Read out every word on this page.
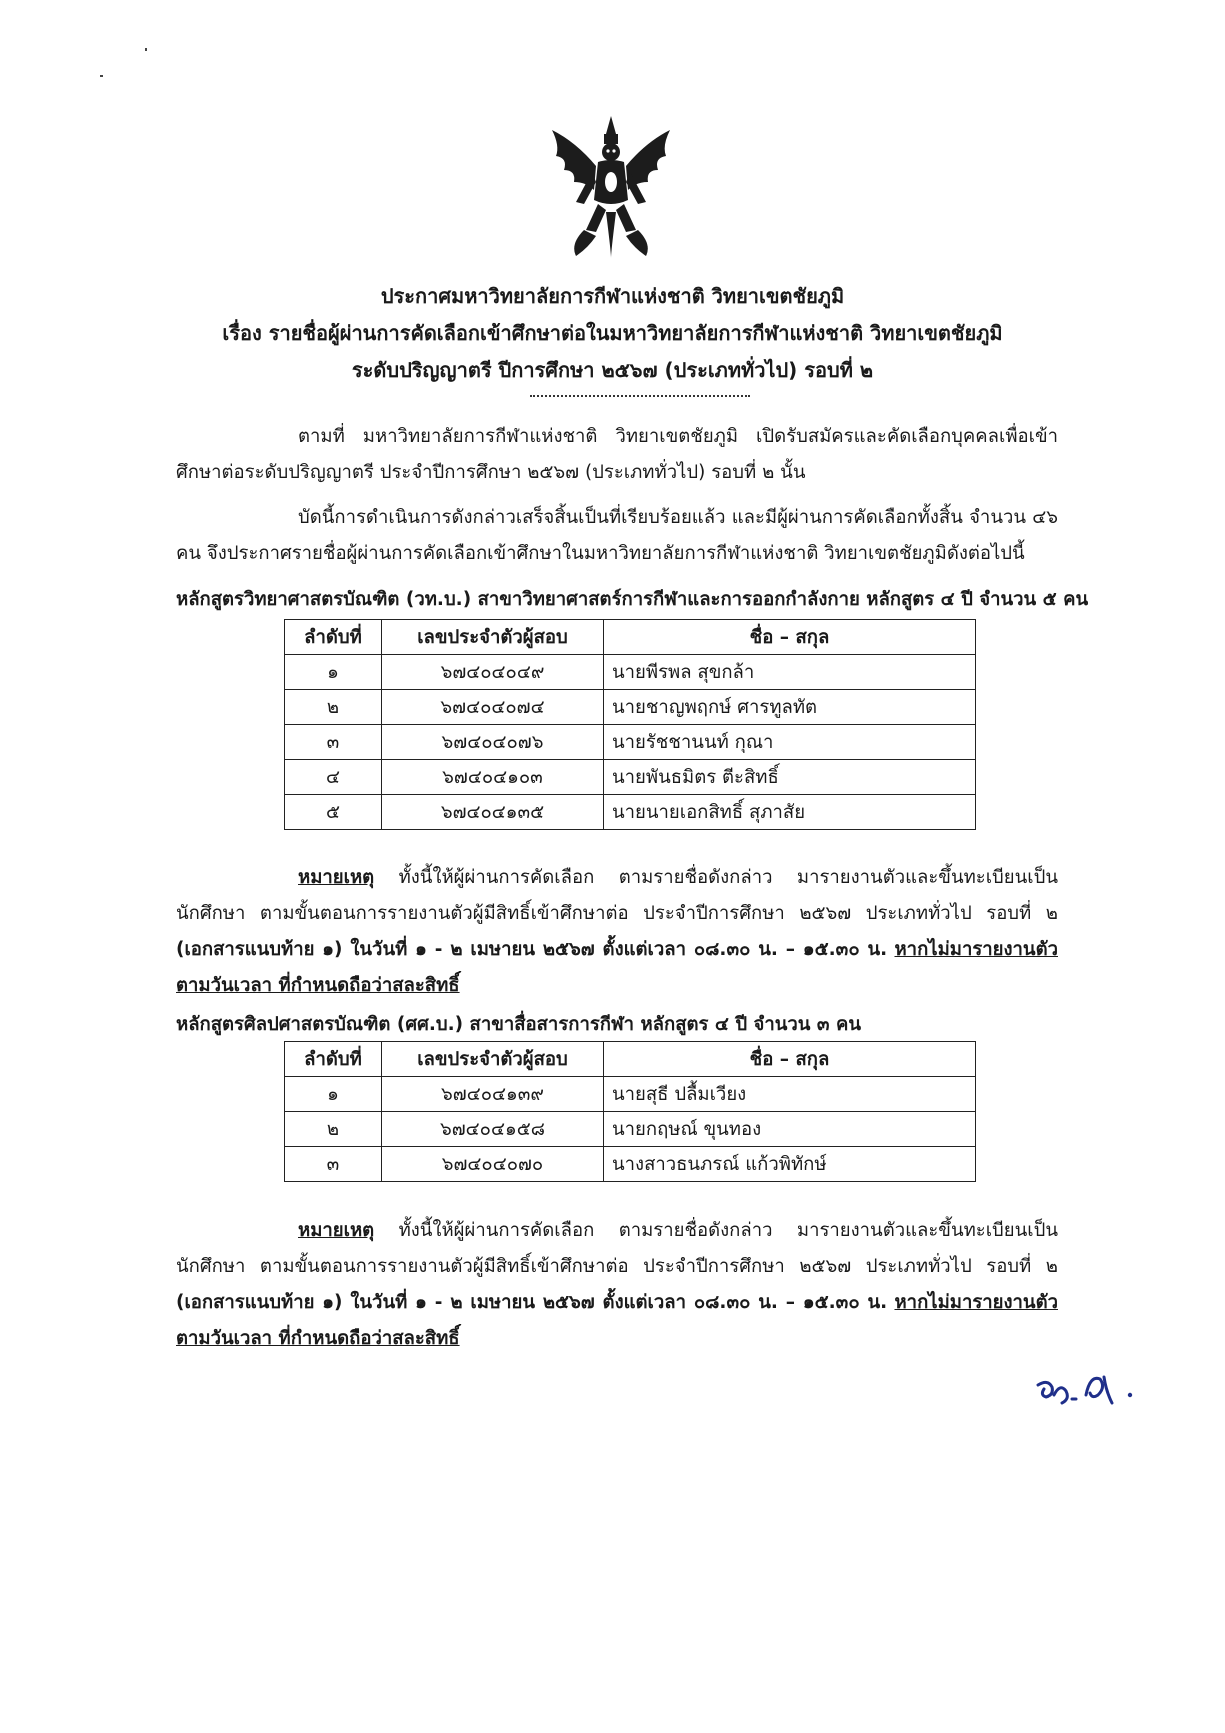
ประกาศมหาวิทยาลัยการกีฬาแห่งชาติ วิทยาเขตชัยภูมิ
เรื่อง รายชื่อผู้ผ่านการคัดเลือกเข้าศึกษาต่อในมหาวิทยาลัยการกีฬาแห่งชาติ วิทยาเขตชัยภูมิ
ระดับปริญญาตรี ปีการศึกษา ๒๕๖๗ (ประเภททั่วไป) รอบที่ ๒
ตามที่ มหาวิทยาลัยการกีฬาแห่งชาติ วิทยาเขตชัยภูมิ เปิดรับสมัครและคัดเลือกบุคคลเพื่อเข้าศึกษาต่อระดับปริญญาตรี ประจำปีการศึกษา ๒๕๖๗ (ประเภททั่วไป) รอบที่ ๒ นั้น
บัดนี้การดำเนินการดังกล่าวเสร็จสิ้นเป็นที่เรียบร้อยแล้ว และมีผู้ผ่านการคัดเลือกทั้งสิ้น จำนวน ๔๖ คน จึงประกาศรายชื่อผู้ผ่านการคัดเลือกเข้าศึกษาในมหาวิทยาลัยการกีฬาแห่งชาติ วิทยาเขตชัยภูมิดังต่อไปนี้
หลักสูตรวิทยาศาสตรบัณฑิต (วท.บ.) สาขาวิทยาศาสตร์การกีฬาและการออกกำลังกาย หลักสูตร ๔ ปี จำนวน ๕ คน
ลำดับที่	เลขประจำตัวผู้สอบ	ชื่อ – สกุล
๑	๖๗๔๐๔๐๔๙	นายพีรพล สุขกล้า
๒	๖๗๔๐๔๐๗๔	นายชาญพฤกษ์ ศารทูลทัต
๓	๖๗๔๐๔๐๗๖	นายรัชชานนท์ กุณา
๔	๖๗๔๐๔๑๐๓	นายพันธมิตร ตีะสิทธิ์
๕	๖๗๔๐๔๑๓๕	นายนายเอกสิทธิ์ สุภาสัย
หมายเหตุ ทั้งนี้ให้ผู้ผ่านการคัดเลือก ตามรายชื่อดังกล่าว มารายงานตัวและขึ้นทะเบียนเป็นนักศึกษา ตามขั้นตอนการรายงานตัวผู้มีสิทธิ์เข้าศึกษาต่อ ประจำปีการศึกษา ๒๕๖๗ ประเภททั่วไป รอบที่ ๒ (เอกสารแนบท้าย ๑) ในวันที่ ๑ - ๒ เมษายน ๒๕๖๗ ตั้งแต่เวลา ๐๘.๓๐ น. – ๑๕.๓๐ น. หากไม่มารายงานตัวตามวันเวลา ที่กำหนดถือว่าสละสิทธิ์
หลักสูตรศิลปศาสตรบัณฑิต (ศศ.บ.) สาขาสื่อสารการกีฬา หลักสูตร ๔ ปี จำนวน ๓ คน
ลำดับที่	เลขประจำตัวผู้สอบ	ชื่อ – สกุล
๑	๖๗๔๐๔๑๓๙	นายสุธี ปลื้มเวียง
๒	๖๗๔๐๔๑๕๘	นายกฤษณ์ ขุนทอง
๓	๖๗๔๐๔๐๗๐	นางสาวธนภรณ์ แก้วพิทักษ์
หมายเหตุ ทั้งนี้ให้ผู้ผ่านการคัดเลือก ตามรายชื่อดังกล่าว มารายงานตัวและขึ้นทะเบียนเป็นนักศึกษา ตามขั้นตอนการรายงานตัวผู้มีสิทธิ์เข้าศึกษาต่อ ประจำปีการศึกษา ๒๕๖๗ ประเภททั่วไป รอบที่ ๒ (เอกสารแนบท้าย ๑) ในวันที่ ๑ - ๒ เมษายน ๒๕๖๗ ตั้งแต่เวลา ๐๘.๓๐ น. – ๑๕.๓๐ น. หากไม่มารายงานตัวตามวันเวลา ที่กำหนดถือว่าสละสิทธิ์
